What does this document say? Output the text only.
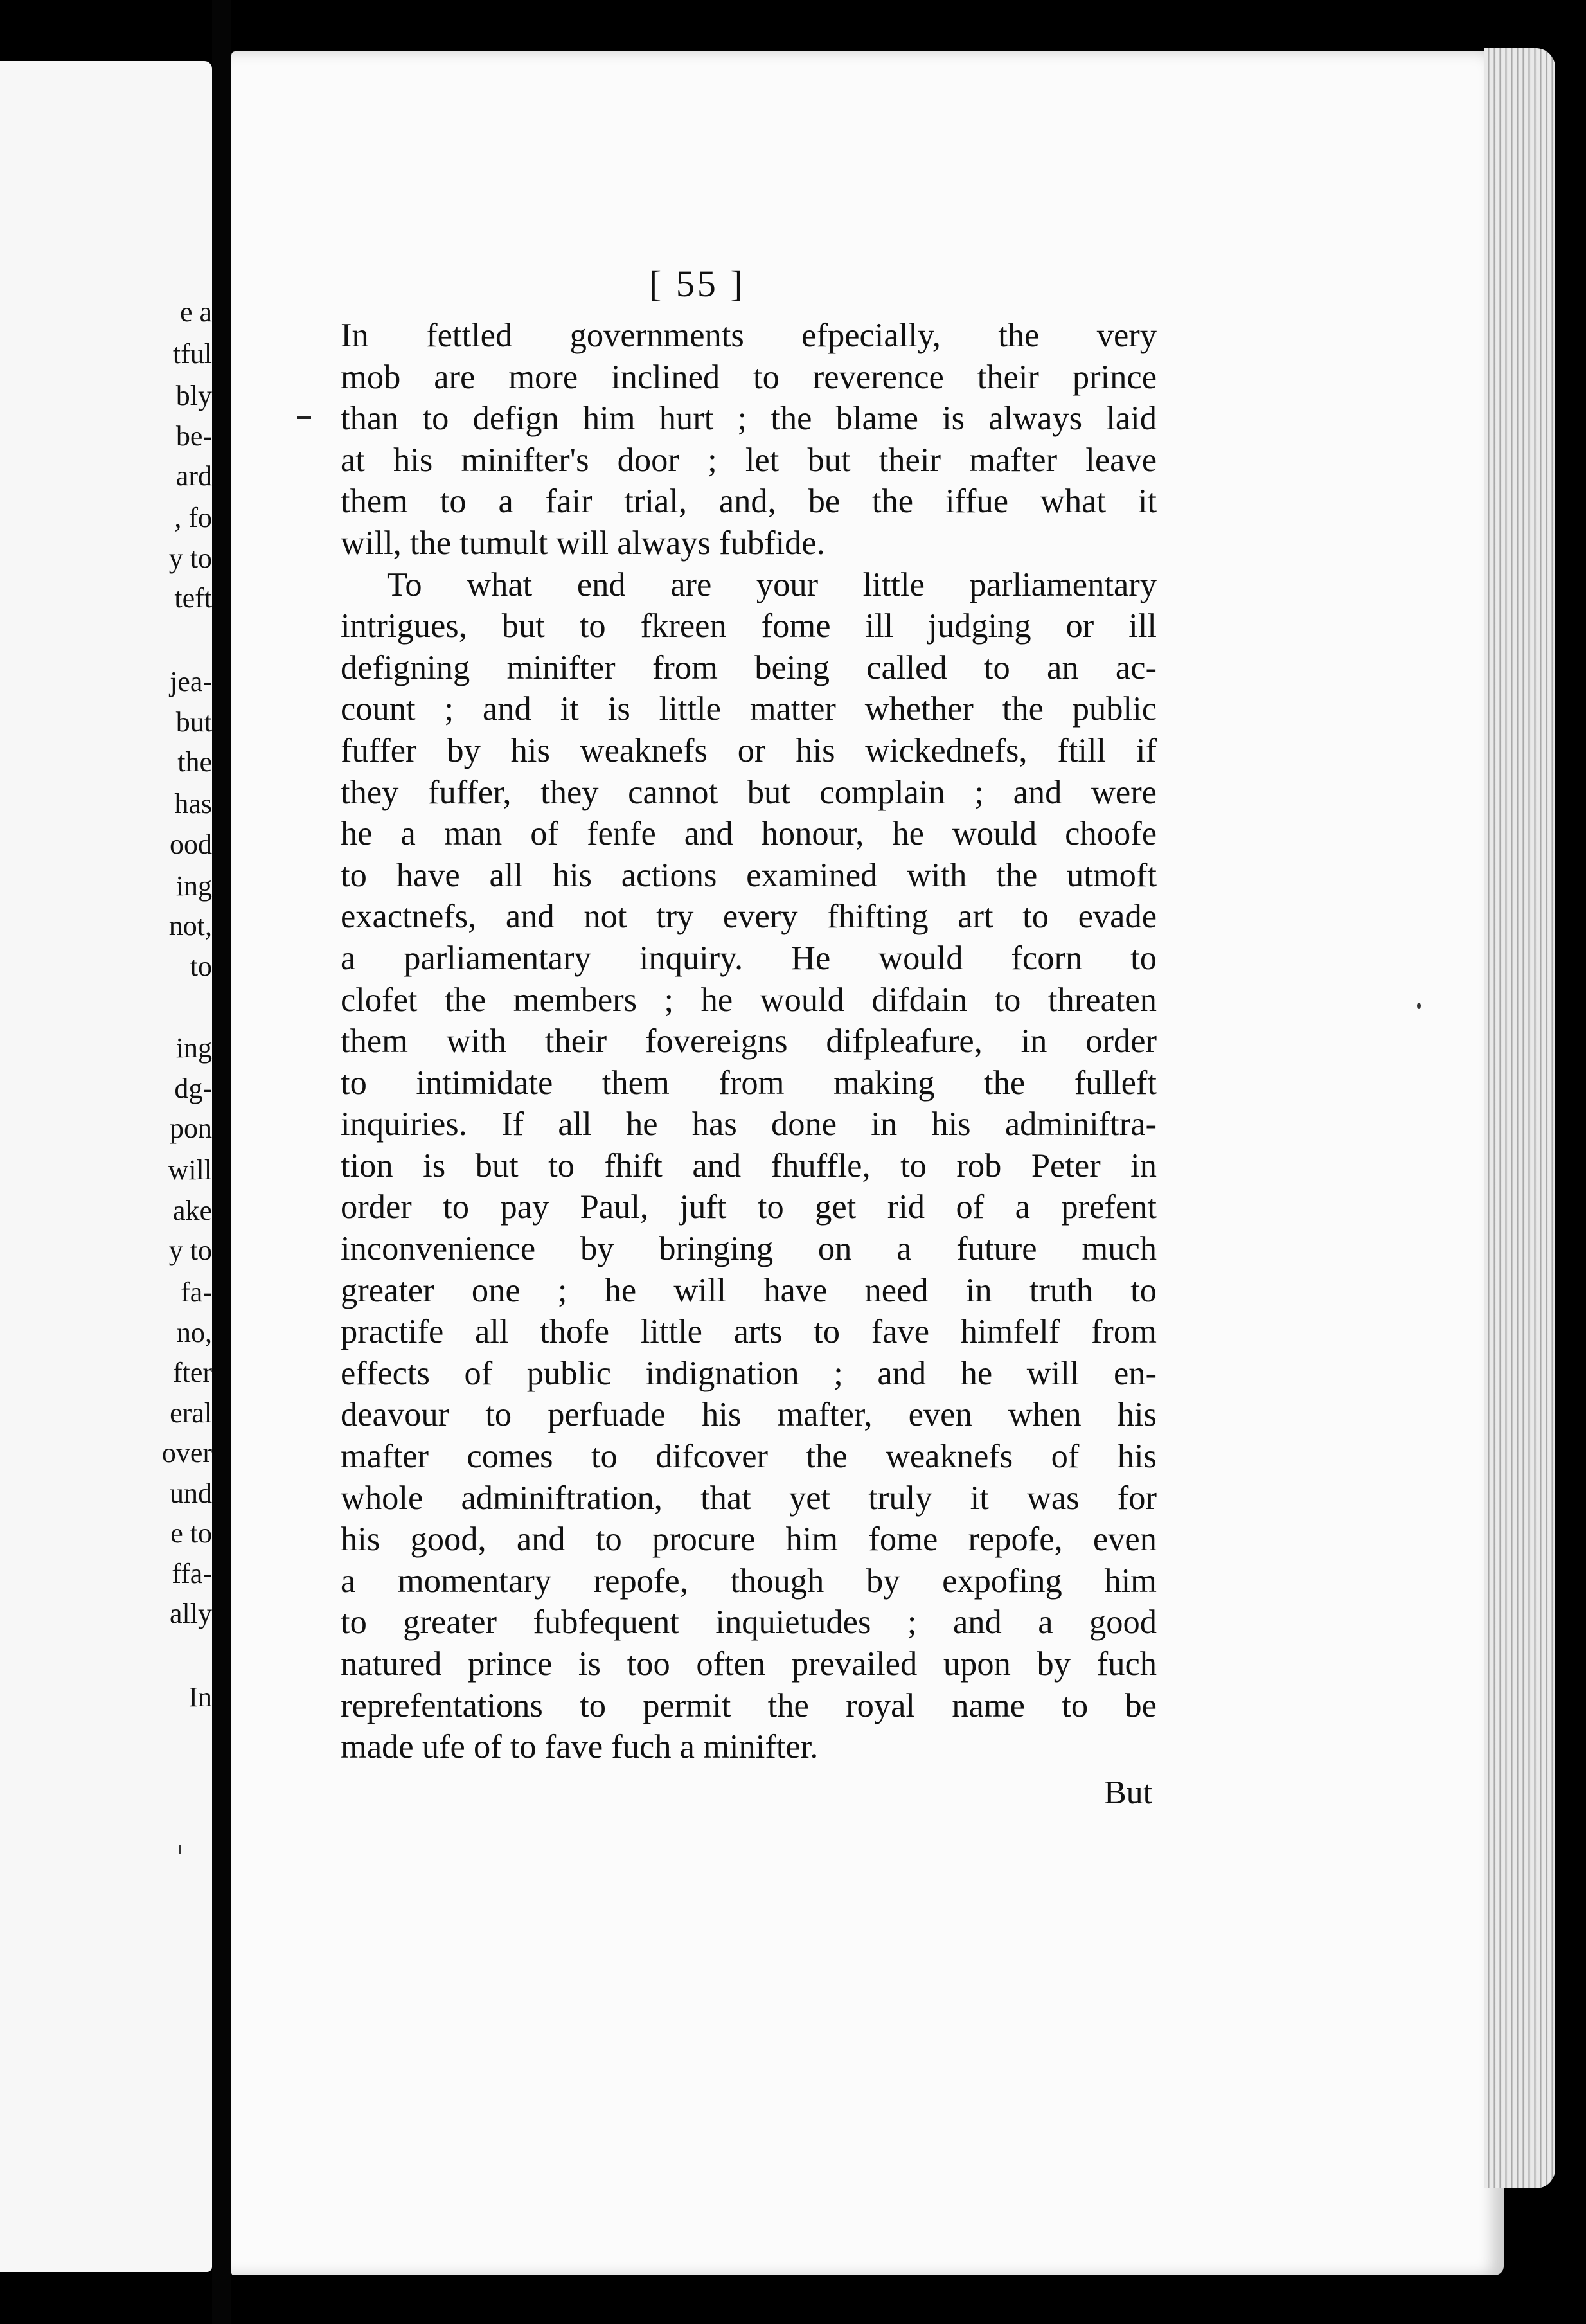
e a
tful
bly
be-
ard
, fo
y to
teft
jea-
but
the
has
ood
ing
not,
to
ing
dg-
pon
will
ake
y to
fa-
no,
fter
eral
over
und
e to
ffa-
ally
In
[ 55 ]
In fettled governments efpecially, the very
mob are more inclined to reverence their prince
than to defign him hurt ; the blame is always laid
at his minifter's door ; let but their mafter leave
them to a fair trial, and, be the iffue what it
will, the tumult will always fubfide.
To what end are your little parliamentary
intrigues, but to fkreen fome ill judging or ill
defigning minifter from being called to an ac-
count ; and it is little matter whether the public
fuffer by his weaknefs or his wickednefs, ftill if
they fuffer, they cannot but complain ; and were
he a man of fenfe and honour, he would choofe
to have all his actions examined with the utmoft
exactnefs, and not try every fhifting art to evade
a parliamentary inquiry. He would fcorn to
clofet the members ; he would difdain to threaten
them with their fovereigns difpleafure, in order
to intimidate them from making the fulleft
inquiries. If all he has done in his adminiftra-
tion is but to fhift and fhuffle, to rob Peter in
order to pay Paul, juft to get rid of a prefent
inconvenience by bringing on a future much
greater one ; he will have need in truth to
practife all thofe little arts to fave himfelf from
effects of public indignation ; and he will en-
deavour to perfuade his mafter, even when his
mafter comes to difcover the weaknefs of his
whole adminiftration, that yet truly it was for
his good, and to procure him fome repofe, even
a momentary repofe, though by expofing him
to greater fubfequent inquietudes ; and a good
natured prince is too often prevailed upon by fuch
reprefentations to permit the royal name to be
made ufe of to fave fuch a minifter.
But
